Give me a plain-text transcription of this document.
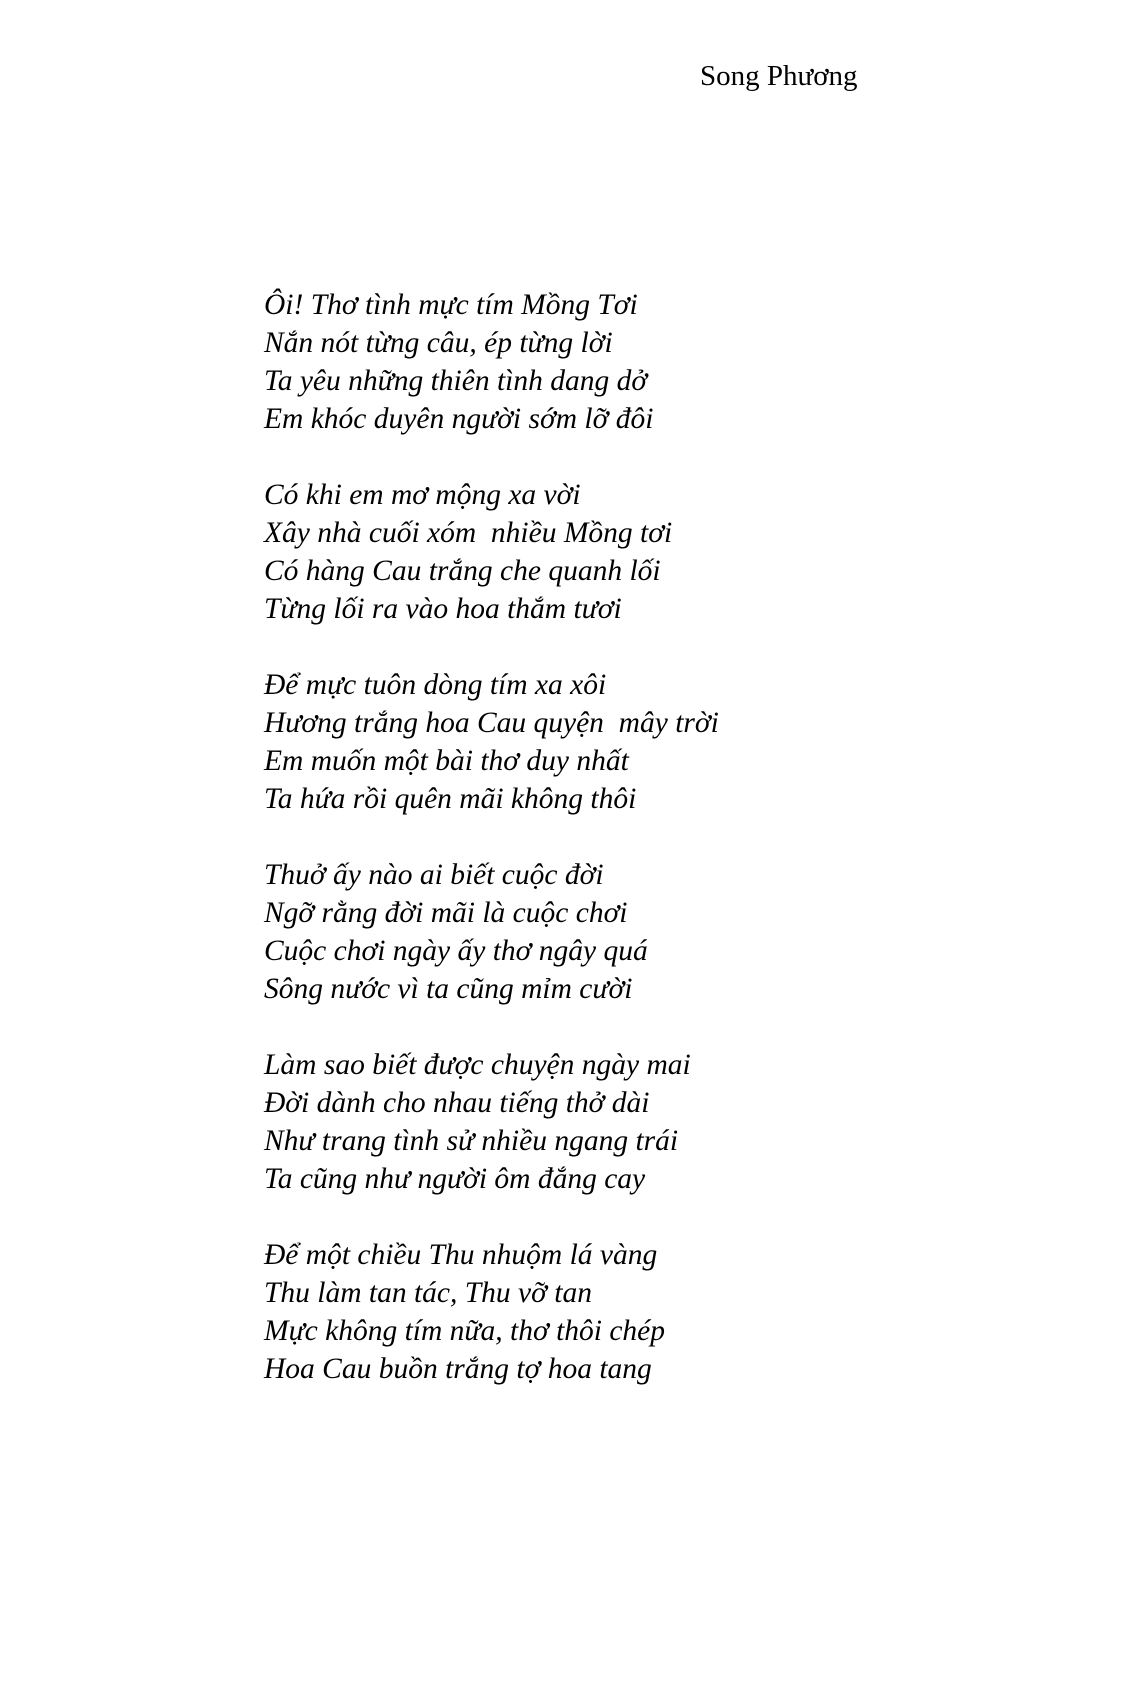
Song Phương
Ôi! Thơ tình mực tím Mồng Tơi
Nắn nót từng câu, ép từng lời
Ta yêu những thiên tình dang dở
Em khóc duyên người sớm lỡ đôi
Có khi em mơ mộng xa vời
Xây nhà cuối xóm  nhiều Mồng tơi
Có hàng Cau trắng che quanh lối
Từng lối ra vào hoa thắm tươi
Để mực tuôn dòng tím xa xôi
Hương trắng hoa Cau quyện  mây trời
Em muốn một bài thơ duy nhất
Ta hứa rồi quên mãi không thôi
Thuở ấy nào ai biết cuộc đời
Ngỡ rằng đời mãi là cuộc chơi
Cuộc chơi ngày ấy thơ ngây quá
Sông nước vì ta cũng mỉm cười
Làm sao biết được chuyện ngày mai
Đời dành cho nhau tiếng thở dài
Như trang tình sử nhiều ngang trái
Ta cũng như người ôm đắng cay
Để một chiều Thu nhuộm lá vàng
Thu làm tan tác, Thu vỡ tan
Mực không tím nữa, thơ thôi chép
Hoa Cau buồn trắng tợ hoa tang
